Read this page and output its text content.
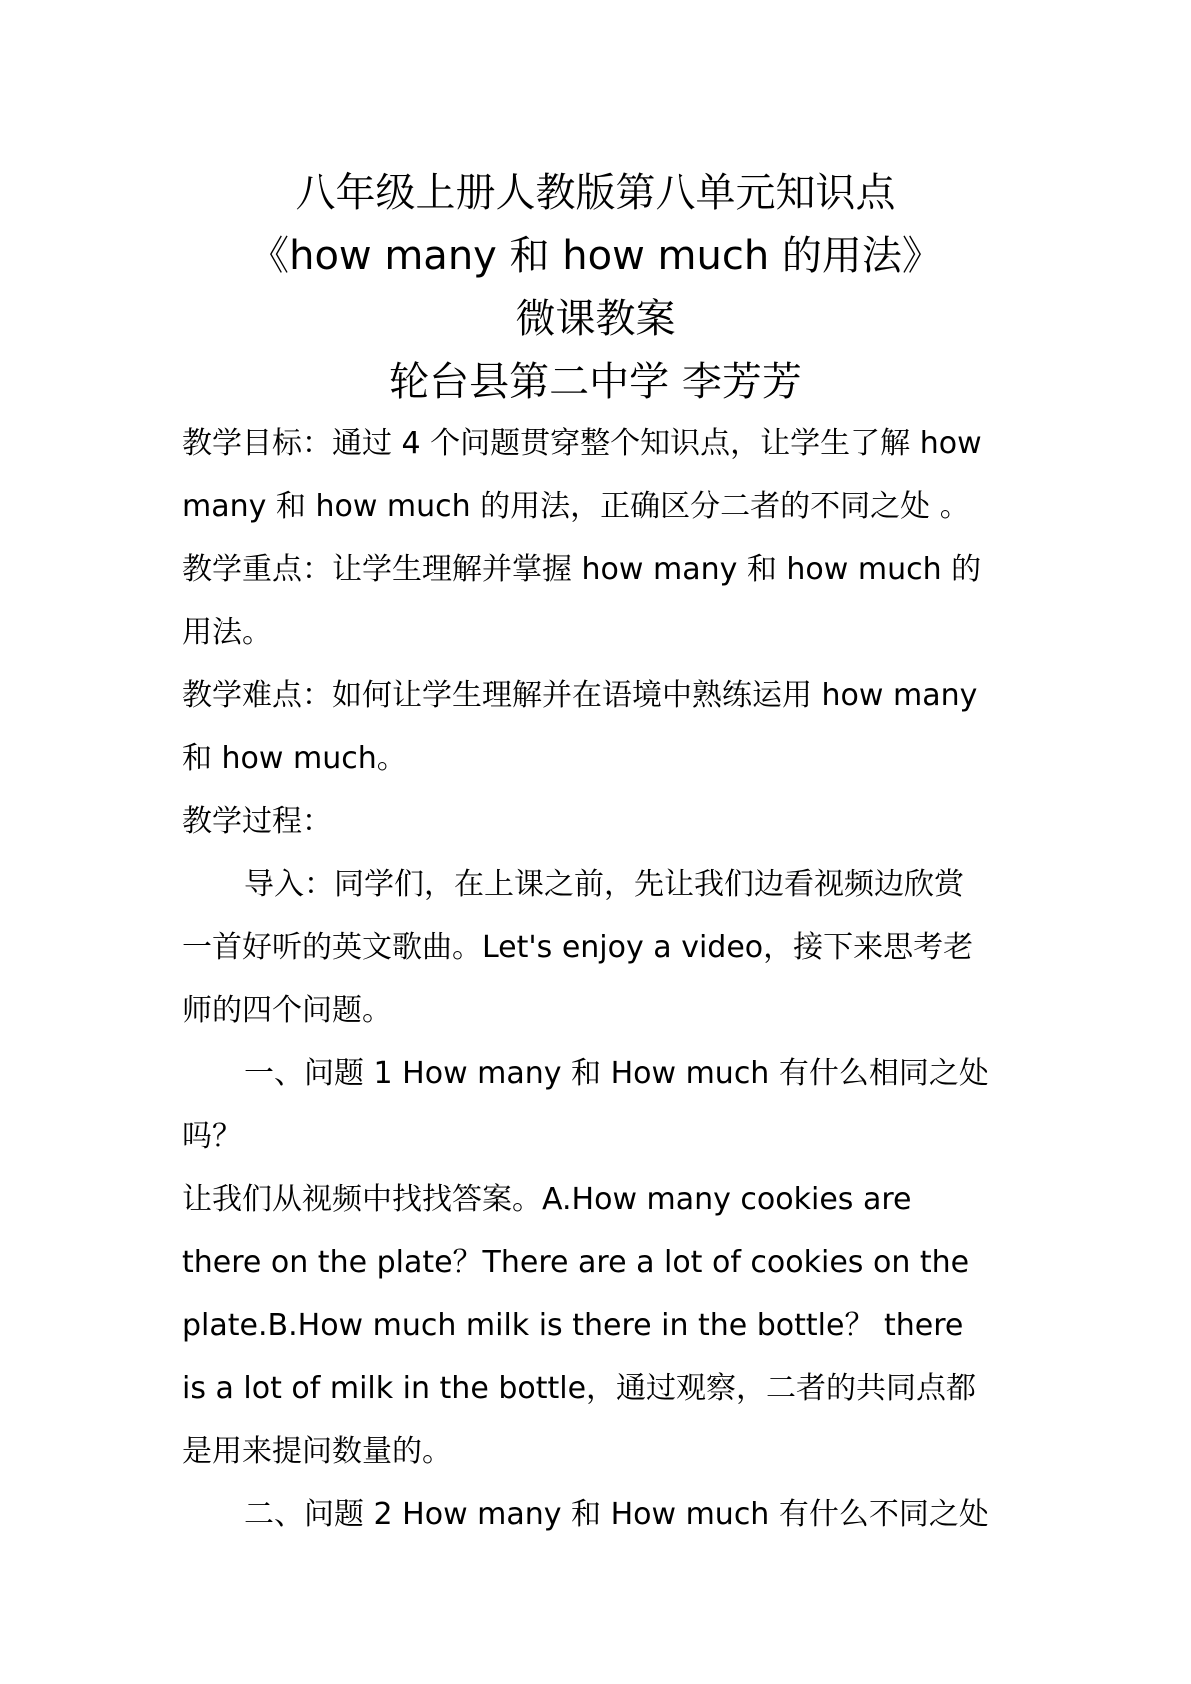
八年级上册人教版第八单元知识点
《how many 和 how much 的用法》
微课教案
轮台县第二中学 李芳芳
教学目标：通过 4 个问题贯穿整个知识点，让学生了解 how
many 和 how much 的用法，正确区分二者的不同之处 。
教学重点：让学生理解并掌握 how many 和 how much 的
用法。
教学难点：如何让学生理解并在语境中熟练运用 how many
和 how much。
教学过程：
导入：同学们，在上课之前，先让我们边看视频边欣赏
一首好听的英文歌曲。Let's enjoy a video，接下来思考老
师的四个问题。
一、问题 1 How many 和 How much 有什么相同之处
吗？
让我们从视频中找找答案。A.How many cookies are
there on the plate？There are a lot of cookies on the
plate.B.How much milk is there in the bottle？ there
is a lot of milk in the bottle，通过观察，二者的共同点都
是用来提问数量的。
二、问题 2 How many 和 How much 有什么不同之处
